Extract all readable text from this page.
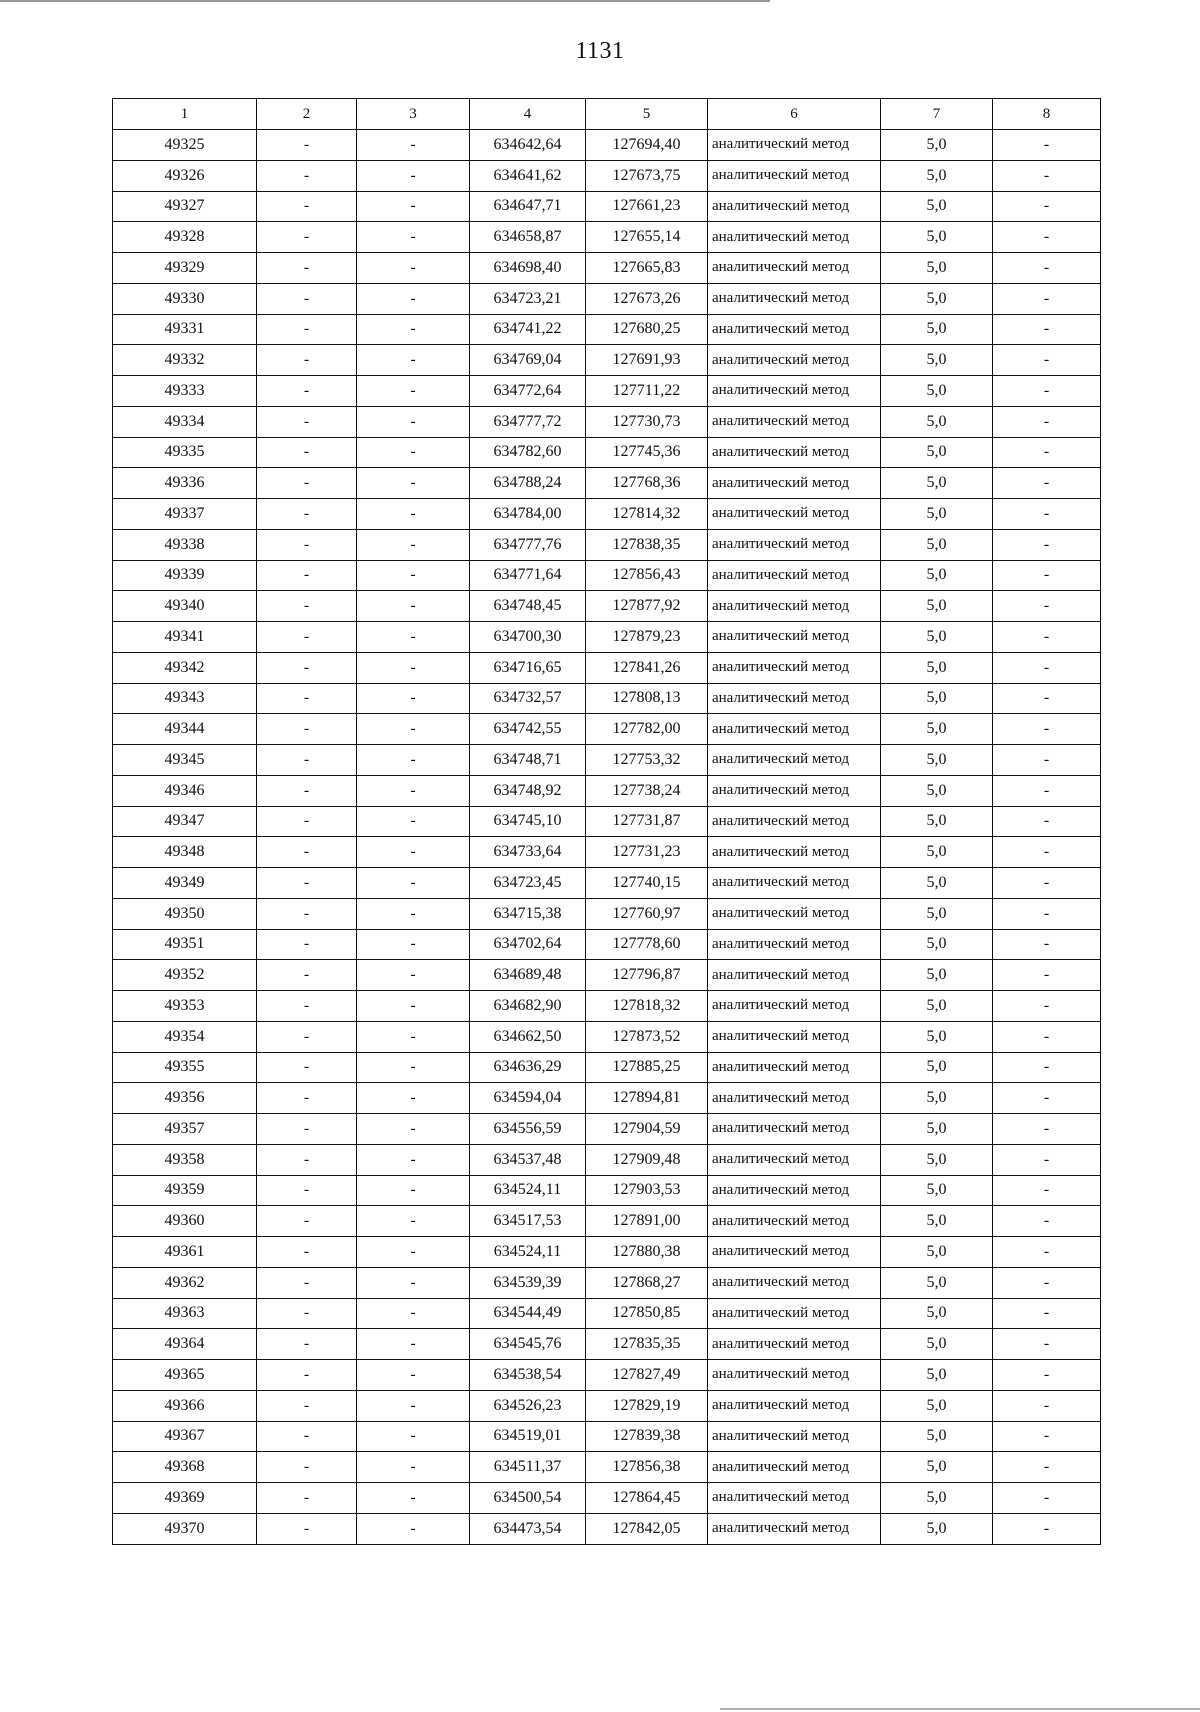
1131
1	2	3	4	5	6	7	8
49325	-	-	634642,64	127694,40	аналитический метод	5,0	-
49326	-	-	634641,62	127673,75	аналитический метод	5,0	-
49327	-	-	634647,71	127661,23	аналитический метод	5,0	-
49328	-	-	634658,87	127655,14	аналитический метод	5,0	-
49329	-	-	634698,40	127665,83	аналитический метод	5,0	-
49330	-	-	634723,21	127673,26	аналитический метод	5,0	-
49331	-	-	634741,22	127680,25	аналитический метод	5,0	-
49332	-	-	634769,04	127691,93	аналитический метод	5,0	-
49333	-	-	634772,64	127711,22	аналитический метод	5,0	-
49334	-	-	634777,72	127730,73	аналитический метод	5,0	-
49335	-	-	634782,60	127745,36	аналитический метод	5,0	-
49336	-	-	634788,24	127768,36	аналитический метод	5,0	-
49337	-	-	634784,00	127814,32	аналитический метод	5,0	-
49338	-	-	634777,76	127838,35	аналитический метод	5,0	-
49339	-	-	634771,64	127856,43	аналитический метод	5,0	-
49340	-	-	634748,45	127877,92	аналитический метод	5,0	-
49341	-	-	634700,30	127879,23	аналитический метод	5,0	-
49342	-	-	634716,65	127841,26	аналитический метод	5,0	-
49343	-	-	634732,57	127808,13	аналитический метод	5,0	-
49344	-	-	634742,55	127782,00	аналитический метод	5,0	-
49345	-	-	634748,71	127753,32	аналитический метод	5,0	-
49346	-	-	634748,92	127738,24	аналитический метод	5,0	-
49347	-	-	634745,10	127731,87	аналитический метод	5,0	-
49348	-	-	634733,64	127731,23	аналитический метод	5,0	-
49349	-	-	634723,45	127740,15	аналитический метод	5,0	-
49350	-	-	634715,38	127760,97	аналитический метод	5,0	-
49351	-	-	634702,64	127778,60	аналитический метод	5,0	-
49352	-	-	634689,48	127796,87	аналитический метод	5,0	-
49353	-	-	634682,90	127818,32	аналитический метод	5,0	-
49354	-	-	634662,50	127873,52	аналитический метод	5,0	-
49355	-	-	634636,29	127885,25	аналитический метод	5,0	-
49356	-	-	634594,04	127894,81	аналитический метод	5,0	-
49357	-	-	634556,59	127904,59	аналитический метод	5,0	-
49358	-	-	634537,48	127909,48	аналитический метод	5,0	-
49359	-	-	634524,11	127903,53	аналитический метод	5,0	-
49360	-	-	634517,53	127891,00	аналитический метод	5,0	-
49361	-	-	634524,11	127880,38	аналитический метод	5,0	-
49362	-	-	634539,39	127868,27	аналитический метод	5,0	-
49363	-	-	634544,49	127850,85	аналитический метод	5,0	-
49364	-	-	634545,76	127835,35	аналитический метод	5,0	-
49365	-	-	634538,54	127827,49	аналитический метод	5,0	-
49366	-	-	634526,23	127829,19	аналитический метод	5,0	-
49367	-	-	634519,01	127839,38	аналитический метод	5,0	-
49368	-	-	634511,37	127856,38	аналитический метод	5,0	-
49369	-	-	634500,54	127864,45	аналитический метод	5,0	-
49370	-	-	634473,54	127842,05	аналитический метод	5,0	-
